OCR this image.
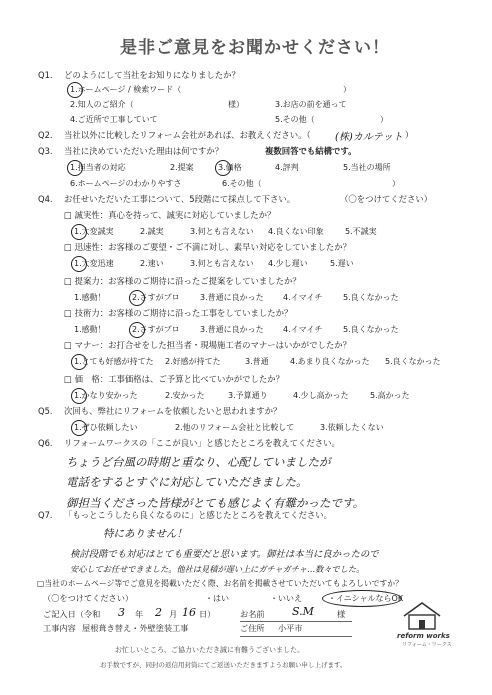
是非ご意見をお聞かせください！
Q1. どのようにして当社をお知りになりましたか？
1.ホームページ / 検索ワード（	）
2.知人のご紹介（	様）	3.お店の前を通って
4.ご近所で工事していて	5.その他（	）
Q2. 当社以外に比較したリフォーム会社があれば、お教えください。（ (株)カルテット ）
Q3. 当社に決めていただいた理由は何ですか？	複数回答でも結構です。
1.担当者の対応	2.提案	3.価格	4.評判	5.当社の場所
6.ホームページのわかりやすさ	6.その他（	）
Q4. お任せいただいた工事について、5段階にて採点して下さい。	（〇をつけてください）
□ 誠実性：真心を持って、誠実に対応していましたか？
1.大変誠実	2.誠実	3.何とも言えない 4.良くない印象	5.不誠実
□ 迅速性：お客様のご要望・ご不満に対し、素早い対応をしていましたか？
1.大変迅速	2.速い	3.何とも言えない 4.少し遅い	5.遅い
□ 提案力：お客様のご期待に沿ったご提案をしていましたか？
1.感動！	2.さすがプロ	3.普通に良かった 4.イマイチ	5.良くなかった
□ 技術力：お客様のご期待に沿った工事をしていましたか？
1.感動！	2.さすがプロ	3.普通に良かった 4.イマイチ	5.良くなかった
□ マナー：お打合せをした担当者・現場施工者のマナーはいかがでしたか？
1.とても好感が持てた 2.好感が持てた	3.普通	4.あまり良くなかった 5.良くなかった
□ 価　格：工事価格は、ご予算と比べていかがでしたか？
1.かなり安かった	2.安かった	3.予算通り	4.少し高かった	5.高かった
Q5. 次回も、弊社にリフォームを依頼したいと思われますか？
1.ぜひ依頼したい	2.他のリフォーム会社と比較して	3.依頼したくない
Q6. リフォームワークスの「ここが良い」と感じたところを教えてください。
ちょうど台風の時期と重なり、心配していましたが
電話をするとすぐに対応していただきました。
御担当くださった皆様がとても感じよく有難かったです。
Q7. 「もっとこうしたら良くなるのに」と感じたところを教えてください。
特にありません！
検討段階でも対応はとても重要だと思います。御社は本当に良かったので
安心してお任せできました。他社は見積が遅い上にガチャガチャ…数々でした。
□当社のホームページ等でご意見を掲載いただく際、お名前を掲載させていただいてもよろしいですか？
（〇をつけてください）	・はい	・いいえ	・イニシャルならOK
ご記入日（令和 3 年 2 月 16 日）	お名前 S.M	様
工事内容 屋根葺き替え・外壁塗装工事	ご住所 小平市
reform works
リフォーム・ワークス
お忙しいところ、ご協力いただき誠に有難うございました。
お手数ですが、同封の返信用封筒にてご返送いただきますようお願い申し上げます。
